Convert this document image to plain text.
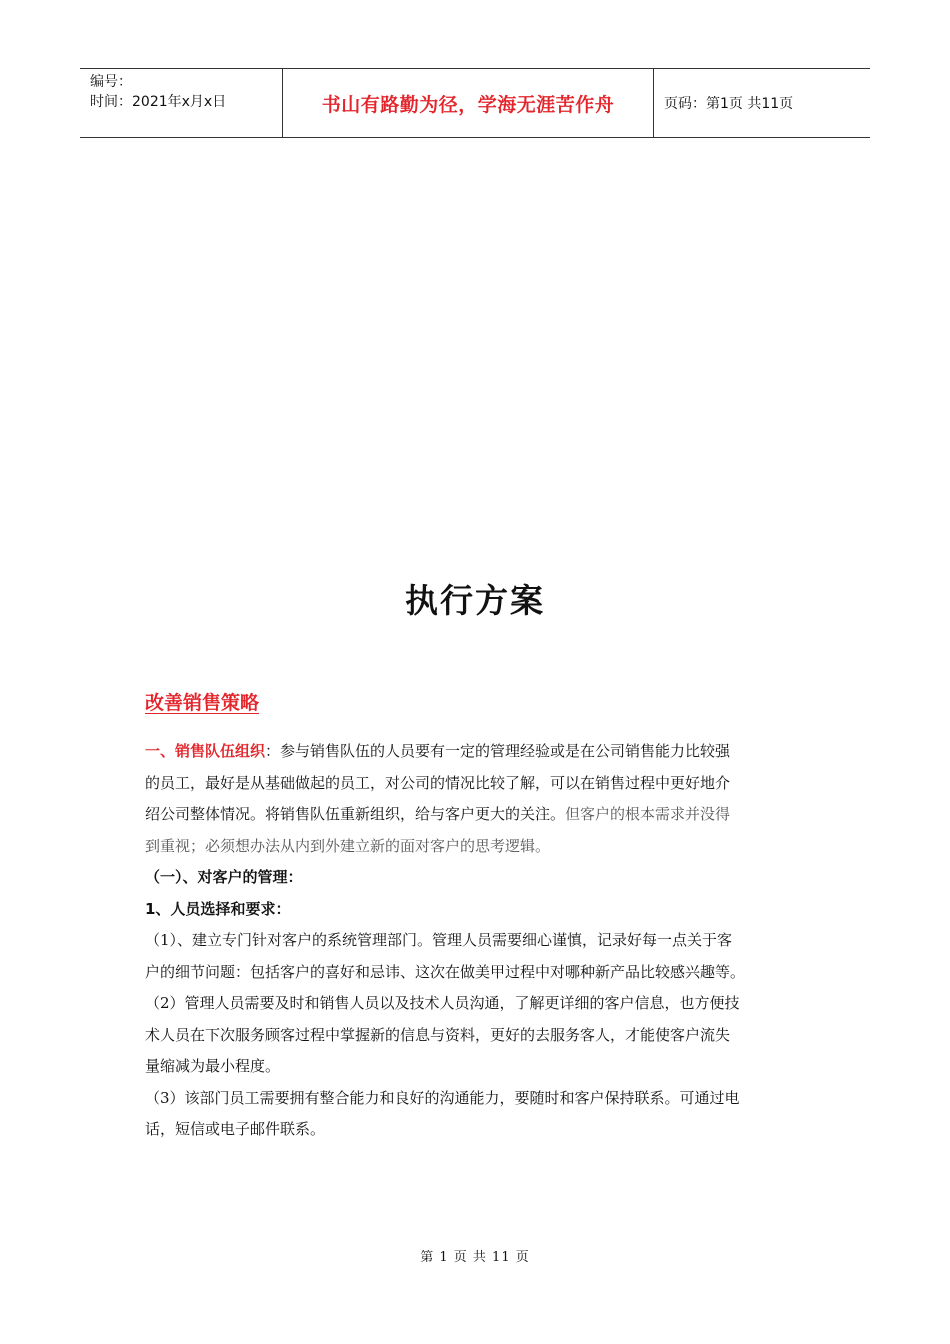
编号：
时间：2021年x月x日	书山有路勤为径，学海无涯苦作舟	页码：第1页 共11页
执行方案
改善销售策略
一、销售队伍组织：参与销售队伍的人员要有一定的管理经验或是在公司销售能力比较强
的员工，最好是从基础做起的员工，对公司的情况比较了解，可以在销售过程中更好地介
绍公司整体情况。将销售队伍重新组织，给与客户更大的关注。但客户的根本需求并没得
到重视；必须想办法从内到外建立新的面对客户的思考逻辑。
（一）、对客户的管理：
1、人员选择和要求：
（1）、建立专门针对客户的系统管理部门。管理人员需要细心谨慎，记录好每一点关于客
户的细节问题：包括客户的喜好和忌讳、这次在做美甲过程中对哪种新产品比较感兴趣等。
（2）管理人员需要及时和销售人员以及技术人员沟通，了解更详细的客户信息，也方便技
术人员在下次服务顾客过程中掌握新的信息与资料，更好的去服务客人，才能使客户流失
量缩减为最小程度。
（3）该部门员工需要拥有整合能力和良好的沟通能力，要随时和客户保持联系。可通过电
话，短信或电子邮件联系。
第 1 页 共 11 页
